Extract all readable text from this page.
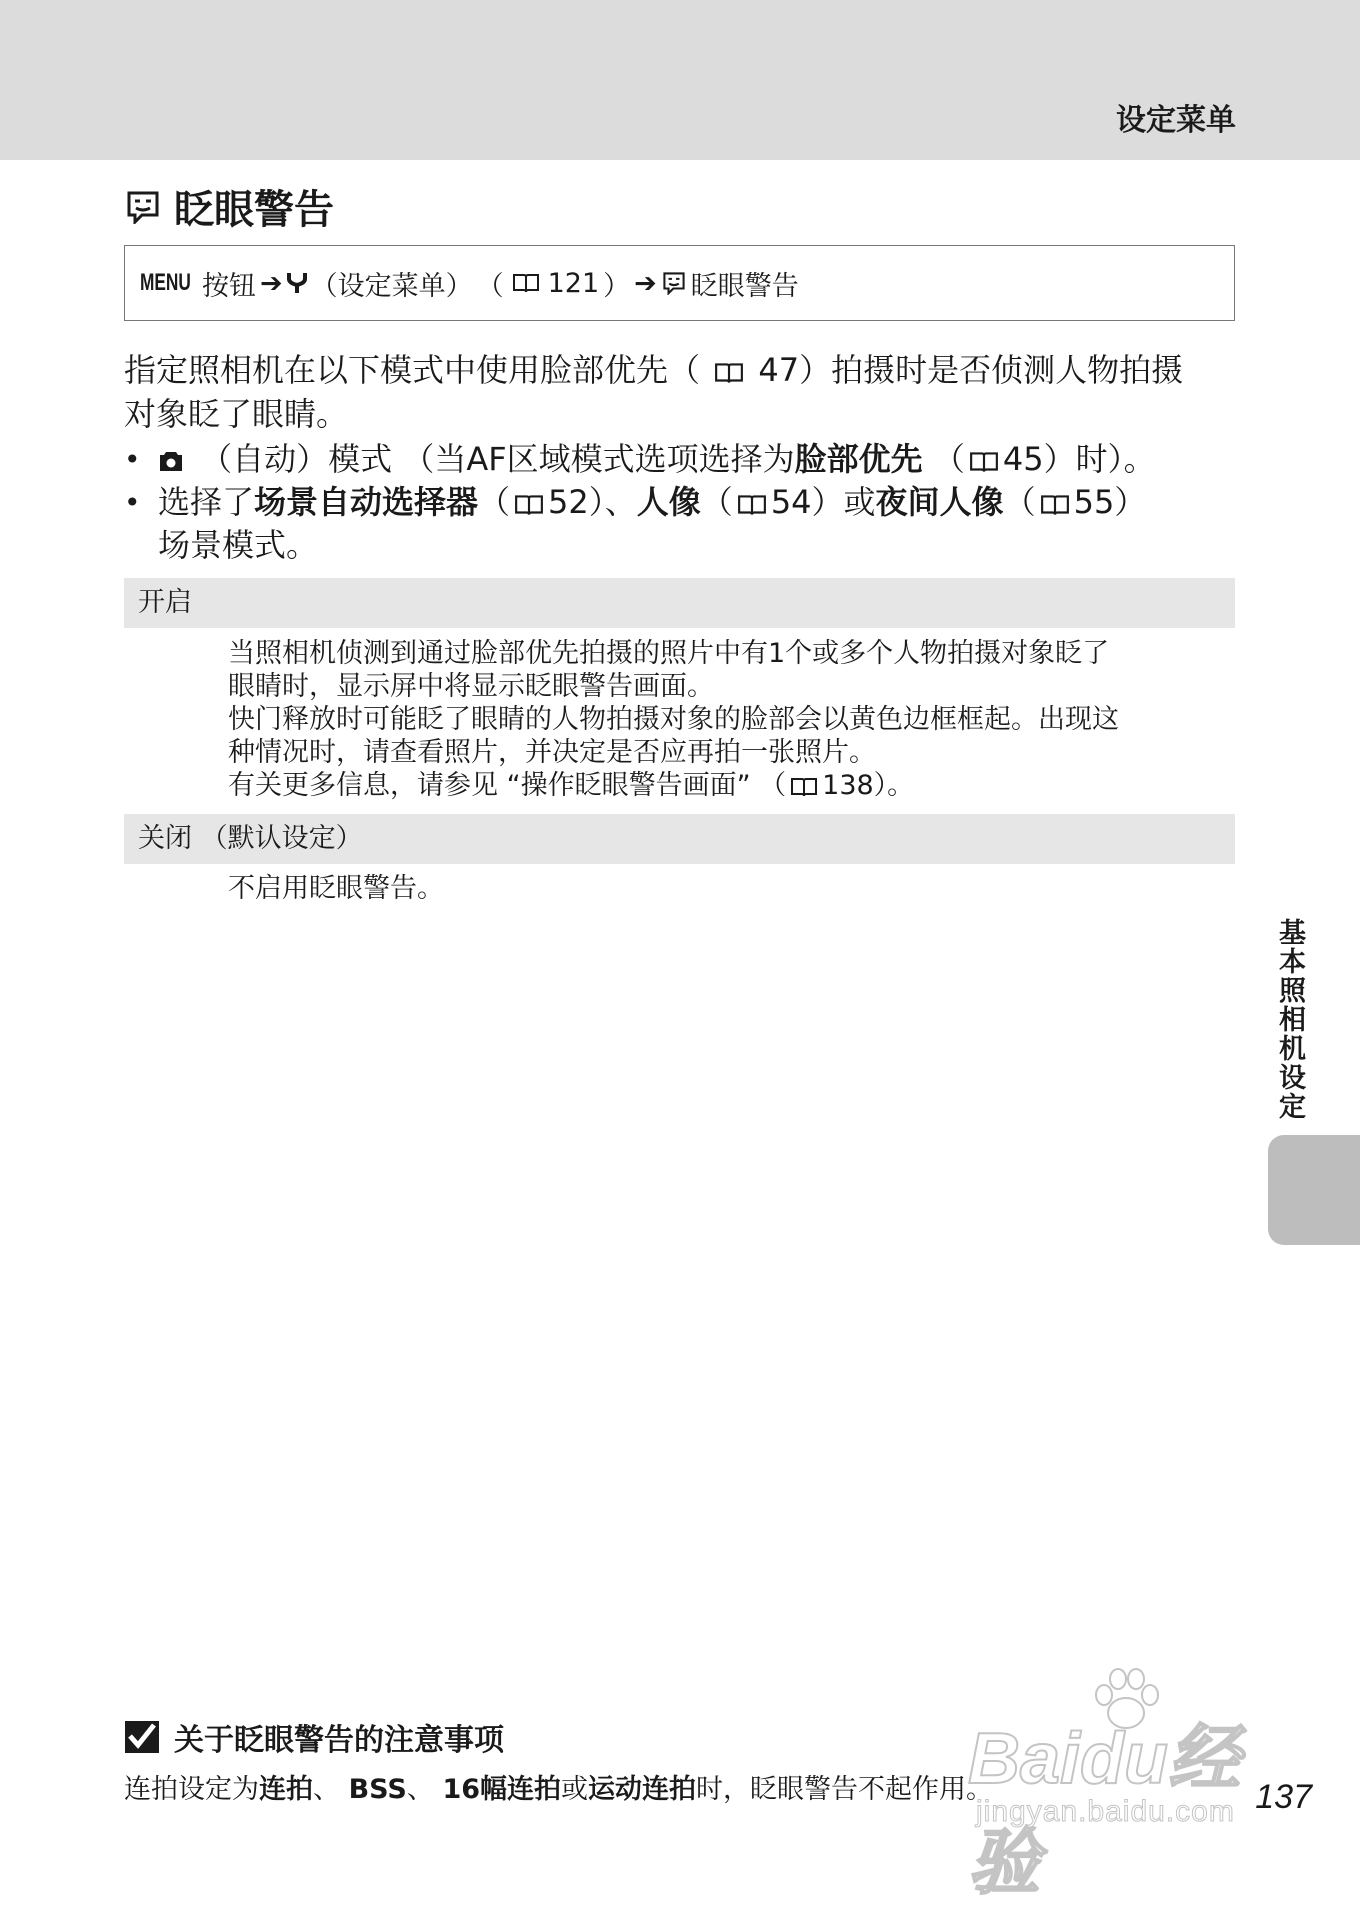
设定菜单
眨眼警告
MENU 按钮 ➔ （设定菜单） （ 121 ） ➔ 眨眼警告

指定照相机在以下模式中使用脸部优先（ 47）拍摄时是否侦测人物拍摄

对象眨了眼睛。

•	（自动）模式 （当AF区域模式选项选择为脸部优先 （ 45）时）。
• 选择了场景自动选择器（ 52）、人像（ 54）或夜间人像（ 55）
场景模式。
开启

当照相机侦测到通过脸部优先拍摄的照片中有1个或多个人物拍摄对象眨了

眼睛时，显示屏中将显示眨眼警告画面。

快门释放时可能眨了眼睛的人物拍摄对象的脸部会以黄色边框框起。出现这

种情况时，请查看照片，并决定是否应再拍一张照片。

有关更多信息，请参见 “操作眨眼警告画面” （ 138）。

关闭 （默认设定）

不启用眨眼警告。

基本照相机设定
关于眨眼警告的注意事项
连拍设定为连拍、 BSS、 16幅连拍或运动连拍时，眨眼警告不起作用。
Baidu经验
jingyan.baidu.com 137
